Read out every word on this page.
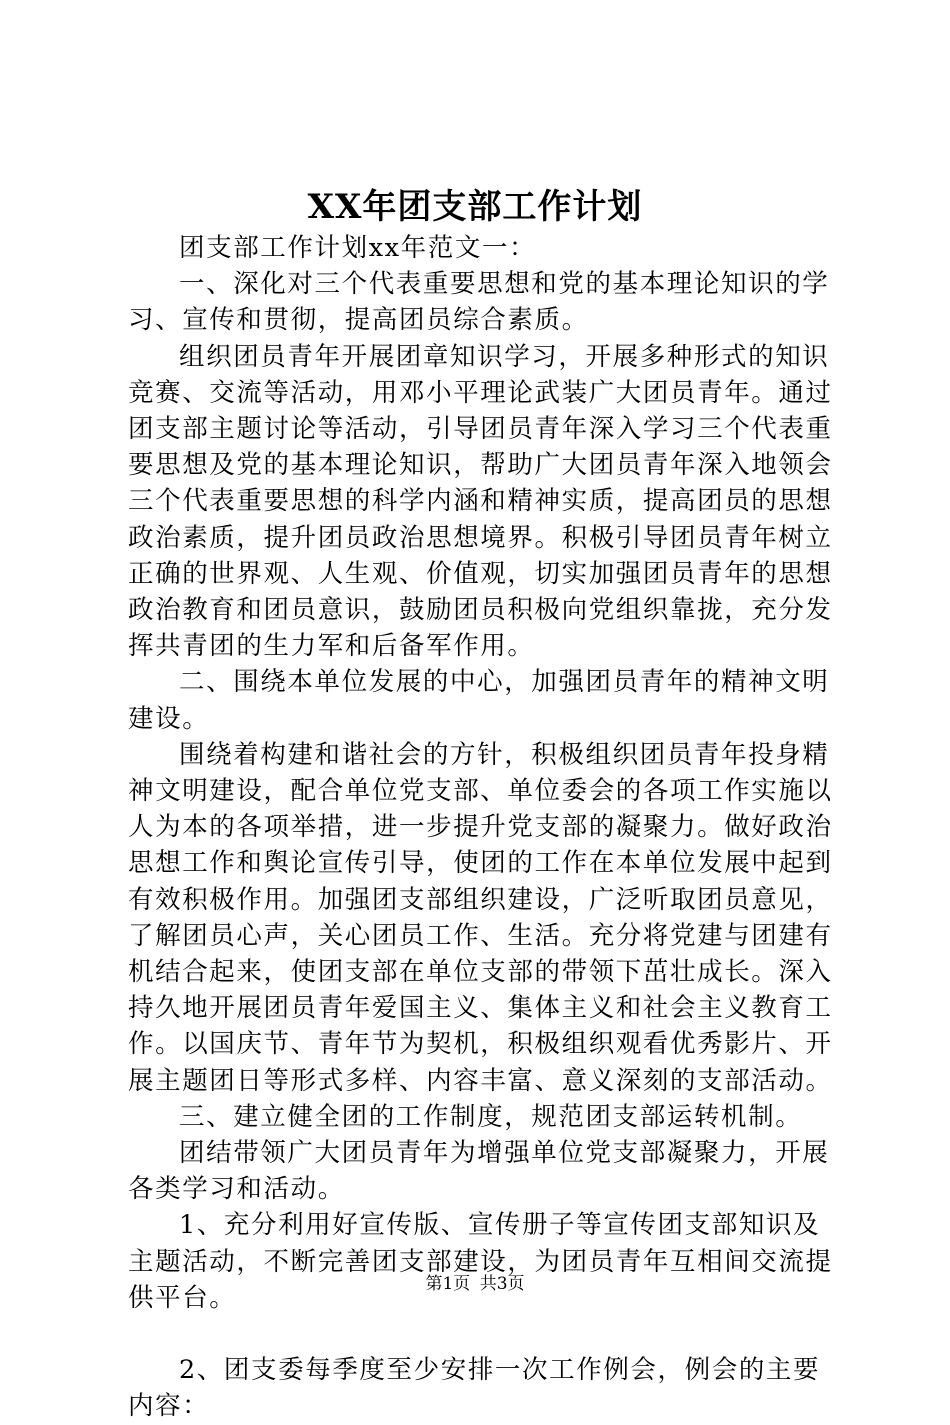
XX年团支部工作计划

团支部工作计划xx年范文一：

一、深化对三个代表重要思想和党的基本理论知识的学习、宣传和贯彻，提高团员综合素质。

组织团员青年开展团章知识学习，开展多种形式的知识竞赛、交流等活动，用邓小平理论武装广大团员青年。通过团支部主题讨论等活动，引导团员青年深入学习三个代表重要思想及党的基本理论知识，帮助广大团员青年深入地领会三个代表重要思想的科学内涵和精神实质，提高团员的思想政治素质，提升团员政治思想境界。积极引导团员青年树立正确的世界观、人生观、价值观，切实加强团员青年的思想政治教育和团员意识，鼓励团员积极向党组织靠拢，充分发挥共青团的生力军和后备军作用。

二、围绕本单位发展的中心，加强团员青年的精神文明建设。

围绕着构建和谐社会的方针，积极组织团员青年投身精神文明建设，配合单位党支部、单位委会的各项工作实施以人为本的各项举措，进一步提升党支部的凝聚力。做好政治思想工作和舆论宣传引导，使团的工作在本单位发展中起到有效积极作用。加强团支部组织建设，广泛听取团员意见，了解团员心声，关心团员工作、生活。充分将党建与团建有机结合起来，使团支部在单位支部的带领下茁壮成长。深入持久地开展团员青年爱国主义、集体主义和社会主义教育工作。以国庆节、青年节为契机，积极组织观看优秀影片、开展主题团日等形式多样、内容丰富、意义深刻的支部活动。

三、建立健全团的工作制度，规范团支部运转机制。

团结带领广大团员青年为增强单位党支部凝聚力，开展各类学习和活动。

1、充分利用好宣传版、宣传册子等宣传团支部知识及主题活动，不断完善团支部建设，为团员青年互相间交流提供平台。

2、团支委每季度至少安排一次工作例会，例会的主要内容：

第1页 共3页
